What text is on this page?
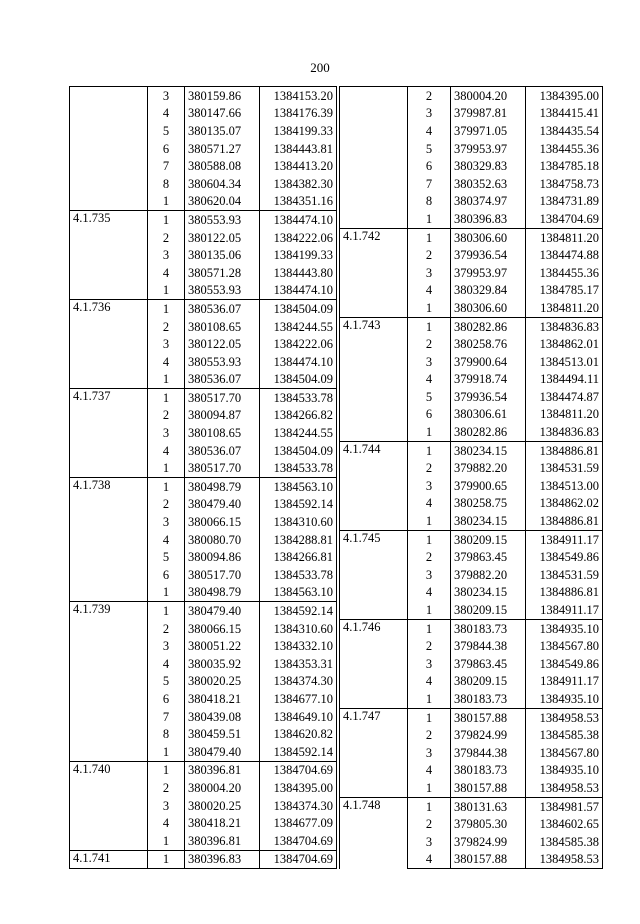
200
	3	380159.86	1384153.20
	4	380147.66	1384176.39
	5	380135.07	1384199.33
	6	380571.27	1384443.81
	7	380588.08	1384413.20
	8	380604.34	1384382.30
	1	380620.04	1384351.16
4.1.735	1	380553.93	1384474.10
	2	380122.05	1384222.06
	3	380135.06	1384199.33
	4	380571.28	1384443.80
	1	380553.93	1384474.10
4.1.736	1	380536.07	1384504.09
	2	380108.65	1384244.55
	3	380122.05	1384222.06
	4	380553.93	1384474.10
	1	380536.07	1384504.09
4.1.737	1	380517.70	1384533.78
	2	380094.87	1384266.82
	3	380108.65	1384244.55
	4	380536.07	1384504.09
	1	380517.70	1384533.78
4.1.738	1	380498.79	1384563.10
	2	380479.40	1384592.14
	3	380066.15	1384310.60
	4	380080.70	1384288.81
	5	380094.86	1384266.81
	6	380517.70	1384533.78
	1	380498.79	1384563.10
4.1.739	1	380479.40	1384592.14
	2	380066.15	1384310.60
	3	380051.22	1384332.10
	4	380035.92	1384353.31
	5	380020.25	1384374.30
	6	380418.21	1384677.10
	7	380439.08	1384649.10
	8	380459.51	1384620.82
	1	380479.40	1384592.14
4.1.740	1	380396.81	1384704.69
	2	380004.20	1384395.00
	3	380020.25	1384374.30
	4	380418.21	1384677.09
	1	380396.81	1384704.69
4.1.741	1	380396.83	1384704.69
	2	380004.20	1384395.00
	3	379987.81	1384415.41
	4	379971.05	1384435.54
	5	379953.97	1384455.36
	6	380329.83	1384785.18
	7	380352.63	1384758.73
	8	380374.97	1384731.89
	1	380396.83	1384704.69
4.1.742	1	380306.60	1384811.20
	2	379936.54	1384474.88
	3	379953.97	1384455.36
	4	380329.84	1384785.17
	1	380306.60	1384811.20
4.1.743	1	380282.86	1384836.83
	2	380258.76	1384862.01
	3	379900.64	1384513.01
	4	379918.74	1384494.11
	5	379936.54	1384474.87
	6	380306.61	1384811.20
	1	380282.86	1384836.83
4.1.744	1	380234.15	1384886.81
	2	379882.20	1384531.59
	3	379900.65	1384513.00
	4	380258.75	1384862.02
	1	380234.15	1384886.81
4.1.745	1	380209.15	1384911.17
	2	379863.45	1384549.86
	3	379882.20	1384531.59
	4	380234.15	1384886.81
	1	380209.15	1384911.17
4.1.746	1	380183.73	1384935.10
	2	379844.38	1384567.80
	3	379863.45	1384549.86
	4	380209.15	1384911.17
	1	380183.73	1384935.10
4.1.747	1	380157.88	1384958.53
	2	379824.99	1384585.38
	3	379844.38	1384567.80
	4	380183.73	1384935.10
	1	380157.88	1384958.53
4.1.748	1	380131.63	1384981.57
	2	379805.30	1384602.65
	3	379824.99	1384585.38
	4	380157.88	1384958.53
